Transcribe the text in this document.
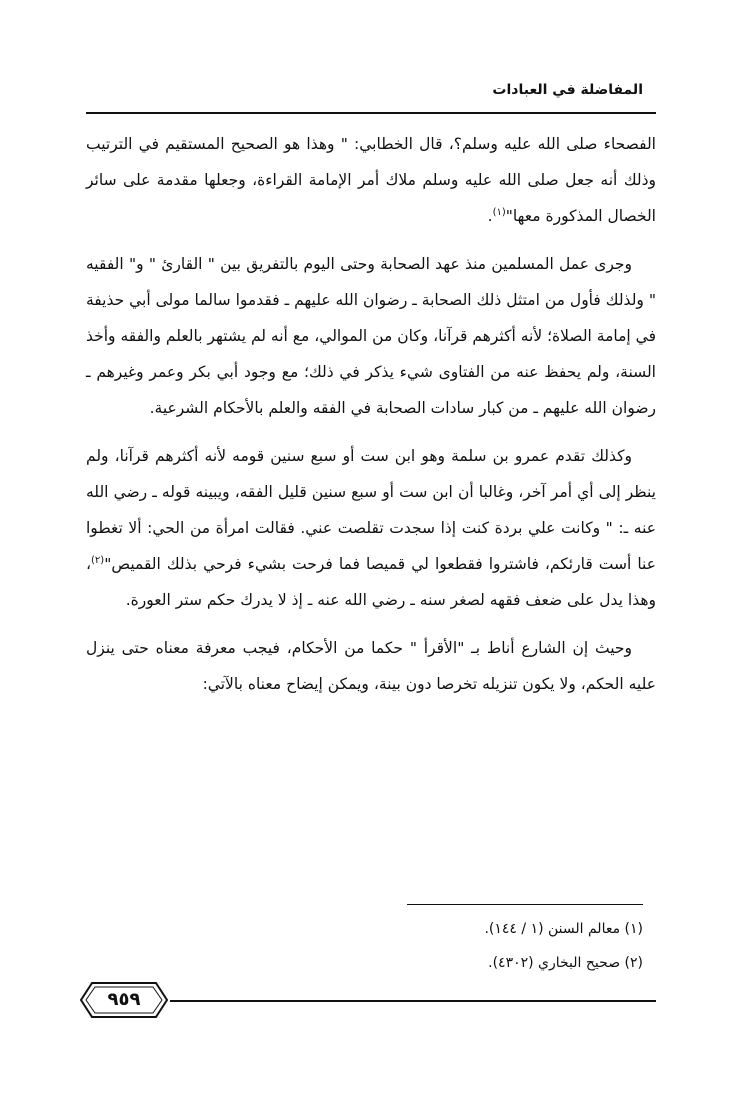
المفاضلة في العبادات

الفصحاء صلى الله عليه وسلم؟، قال الخطابي: " وهذا هو الصحيح المستقيم في الترتيب وذلك أنه جعل صلى الله عليه وسلم ملاك أمر الإمامة القراءة، وجعلها مقدمة على سائر الخصال المذكورة معها"$^{(١)}$.

وجرى عمل المسلمين منذ عهد الصحابة وحتى اليوم بالتفريق بين " القارئ " و" الفقيه " ولذلك فأول من امتثل ذلك الصحابة ـ رضوان الله عليهم ـ فقدموا سالما مولى أبي حذيفة في إمامة الصلاة؛ لأنه أكثرهم قرآنا، وكان من الموالي، مع أنه لم يشتهر بالعلم والفقه وأخذ السنة، ولم يحفظ عنه من الفتاوى شيء يذكر في ذلك؛ مع وجود أبي بكر وعمر وغيرهم ـ رضوان الله عليهم ـ من كبار سادات الصحابة في الفقه والعلم بالأحكام الشرعية.

وكذلك تقدم عمرو بن سلمة وهو ابن ست أو سبع سنين قومه لأنه أكثرهم قرآنا، ولم ينظر إلى أي أمر آخر، وغالبا أن ابن ست أو سبع سنين قليل الفقه، ويبينه قوله ـ رضي الله عنه ـ: " وكانت علي بردة كنت إذا سجدت تقلصت عني. فقالت امرأة من الحي: ألا تغطوا عنا أست قارئكم، فاشتروا فقطعوا لي قميصا فما فرحت بشيء فرحي بذلك القميص"$^{(٢)}$، وهذا يدل على ضعف فقهه لصغر سنه ـ رضي الله عنه ـ إذ لا يدرك حكم ستر العورة.

وحيث إن الشارع أناط بـ "الأقرأ " حكما من الأحكام، فيجب معرفة معناه حتى ينزل عليه الحكم، ولا يكون تنزيله تخرصا دون بينة، ويمكن إيضاح معناه بالآتي:

(١) معالم السنن (١ / ١٤٤).
(٢) صحيح البخاري (٤٣٠٢).
٩٥٩
